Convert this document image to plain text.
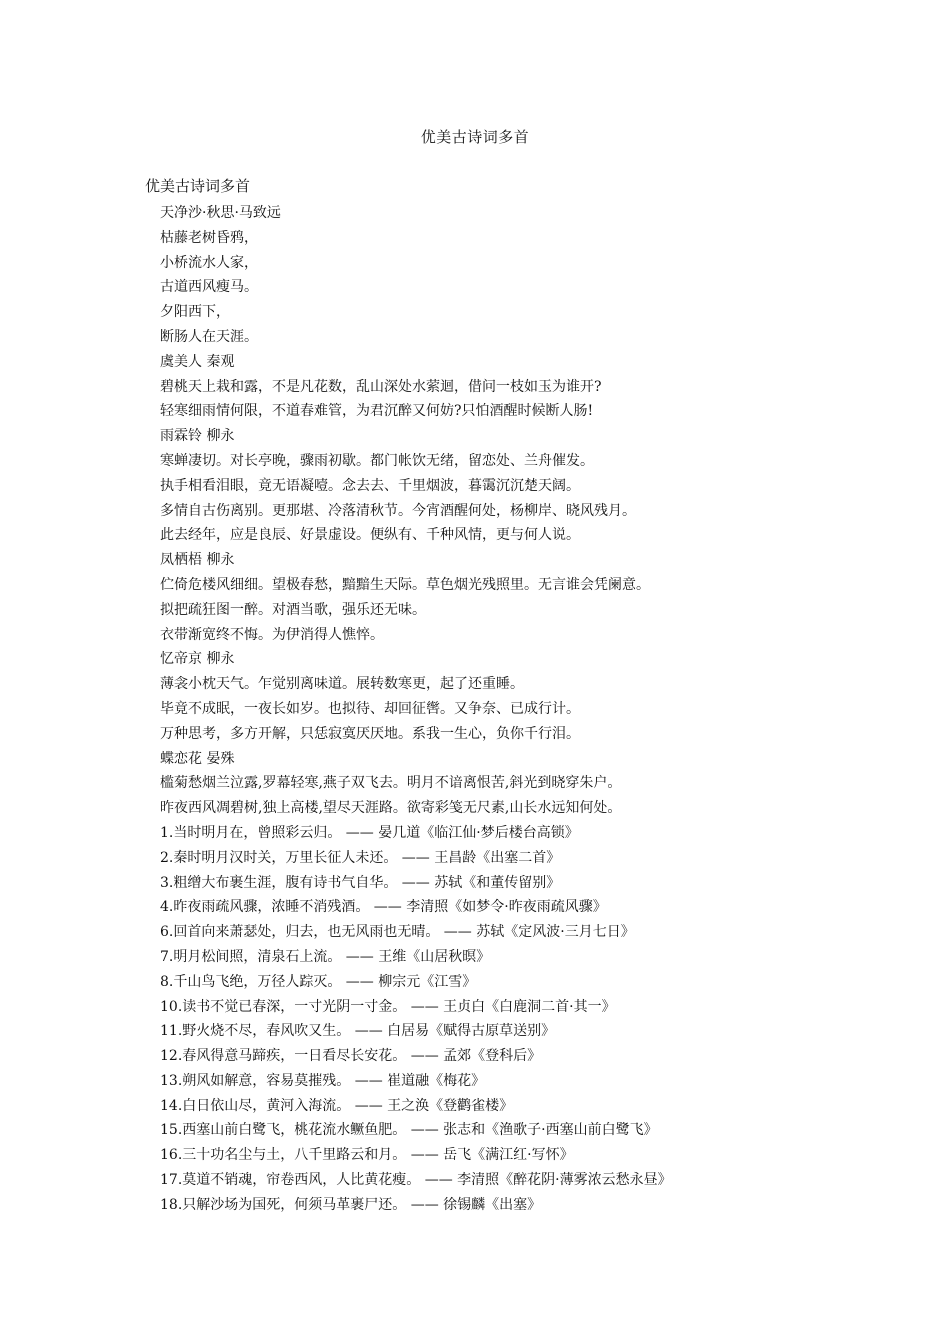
优美古诗词多首
优美古诗词多首
天净沙·秋思·马致远
枯藤老树昏鸦，
小桥流水人家，
古道西风瘦马。
夕阳西下，
断肠人在天涯。
虞美人 秦观
碧桃天上栽和露，不是凡花数，乱山深处水萦迴，借问一枝如玉为谁开?
轻寒细雨情何限，不道春难管，为君沉醉又何妨?只怕酒醒时候断人肠!
雨霖铃 柳永
寒蝉凄切。对长亭晚，骤雨初歇。都门帐饮无绪，留恋处、兰舟催发。
执手相看泪眼，竟无语凝噎。念去去、千里烟波，暮霭沉沉楚天阔。
多情自古伤离别。更那堪、冷落清秋节。今宵酒醒何处，杨柳岸、晓风残月。
此去经年，应是良辰、好景虚设。便纵有、千种风情，更与何人说。
凤栖梧 柳永
伫倚危楼风细细。望极春愁，黯黯生天际。草色烟光残照里。无言谁会凭阑意。
拟把疏狂图一醉。对酒当歌，强乐还无味。
衣带渐宽终不悔。为伊消得人憔悴。
忆帝京 柳永
薄衾小枕天气。乍觉别离味道。展转数寒更，起了还重睡。
毕竟不成眠，一夜长如岁。也拟待、却回征辔。又争奈、已成行计。
万种思考，多方开解，只恁寂寞厌厌地。系我一生心，负你千行泪。
蝶恋花 晏殊
槛菊愁烟兰泣露,罗幕轻寒,燕子双飞去。明月不谙离恨苦,斜光到晓穿朱户。
昨夜西风凋碧树,独上高楼,望尽天涯路。欲寄彩笺无尺素,山长水远知何处。
1.当时明月在，曾照彩云归。 —— 晏几道《临江仙·梦后楼台高锁》
2.秦时明月汉时关，万里长征人未还。 —— 王昌龄《出塞二首》
3.粗缯大布裹生涯，腹有诗书气自华。 —— 苏轼《和董传留别》
4.昨夜雨疏风骤，浓睡不消残酒。 —— 李清照《如梦令·昨夜雨疏风骤》
6.回首向来萧瑟处，归去，也无风雨也无晴。 —— 苏轼《定风波·三月七日》
7.明月松间照，清泉石上流。 —— 王维《山居秋暝》
8.千山鸟飞绝，万径人踪灭。 —— 柳宗元《江雪》
10.读书不觉已春深，一寸光阴一寸金。 —— 王贞白《白鹿洞二首·其一》
11.野火烧不尽，春风吹又生。 —— 白居易《赋得古原草送别》
12.春风得意马蹄疾，一日看尽长安花。 —— 孟郊《登科后》
13.朔风如解意，容易莫摧残。 —— 崔道融《梅花》
14.白日依山尽，黄河入海流。 —— 王之涣《登鹳雀楼》
15.西塞山前白鹭飞，桃花流水鳜鱼肥。 —— 张志和《渔歌子·西塞山前白鹭飞》
16.三十功名尘与土，八千里路云和月。 —— 岳飞《满江红·写怀》
17.莫道不销魂，帘卷西风，人比黄花瘦。 —— 李清照《醉花阴·薄雾浓云愁永昼》
18.只解沙场为国死，何须马革裹尸还。 —— 徐锡麟《出塞》
